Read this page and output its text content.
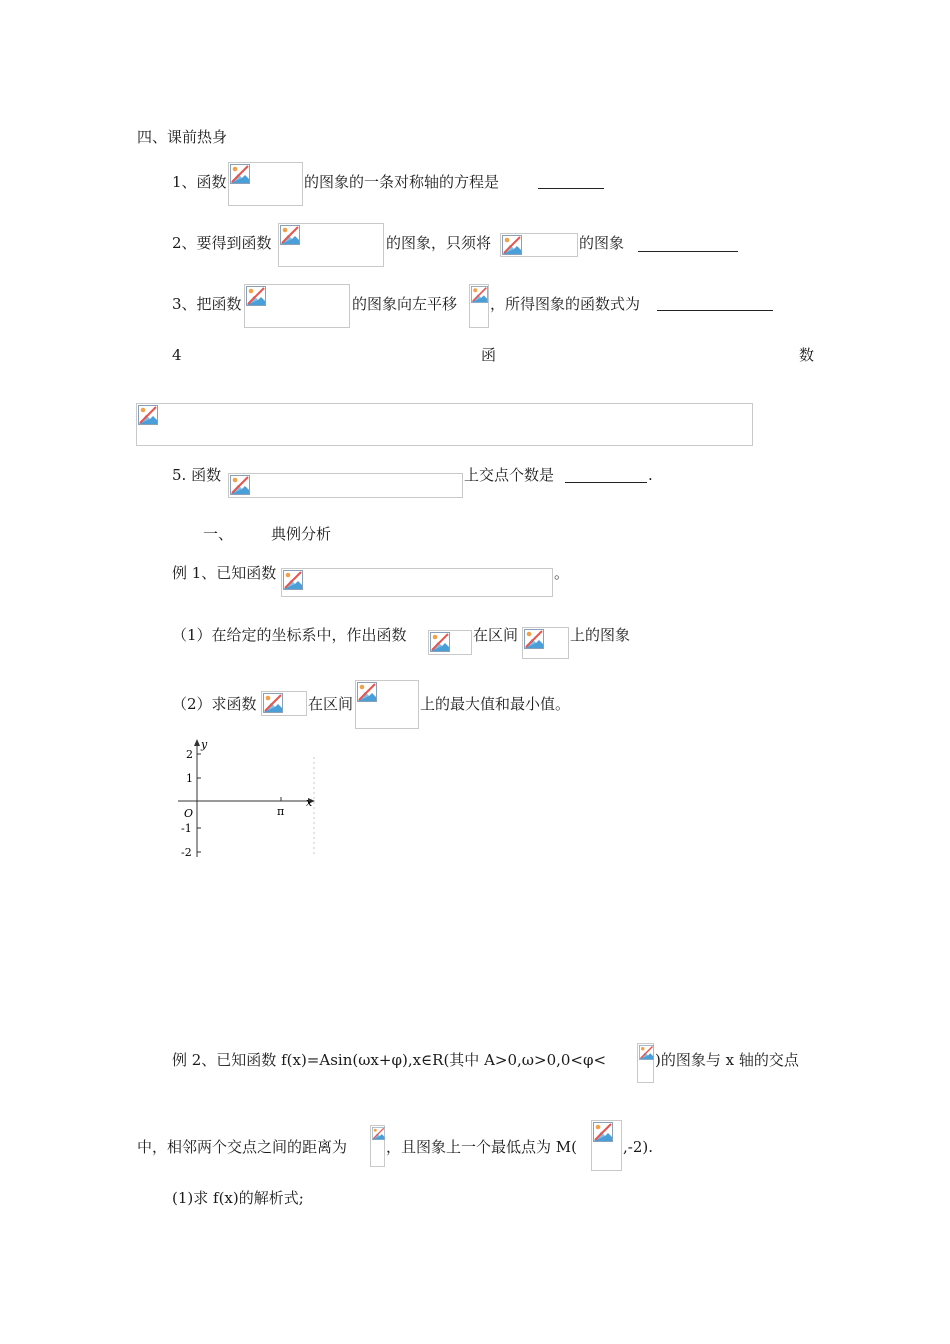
四、课前热身
1、函数	的图象的一条对称轴的方程是
2、要得到函数	的图象，只须将	的图象
3、把函数	的图象向左平移 ，所得图象的函数式为
4	函	数
5. 函数	上交点个数是	.
一、	典例分析
例 1、已知函数	。
（1）在给定的坐标系中，作出函数	在区间	上的图象
（2）求函数	在区间	上的最大值和最小值。
y
x
O
2
1
-1
-2
π
例 2、已知函数 f(x)=Asin(ωx+φ),x∈R(其中 A>0,ω>0,0<φ<	)的图象与 x 轴的交点
中，相邻两个交点之间的距离为	，且图象上一个最低点为 M(	,-2).
(1)求 f(x)的解析式;
